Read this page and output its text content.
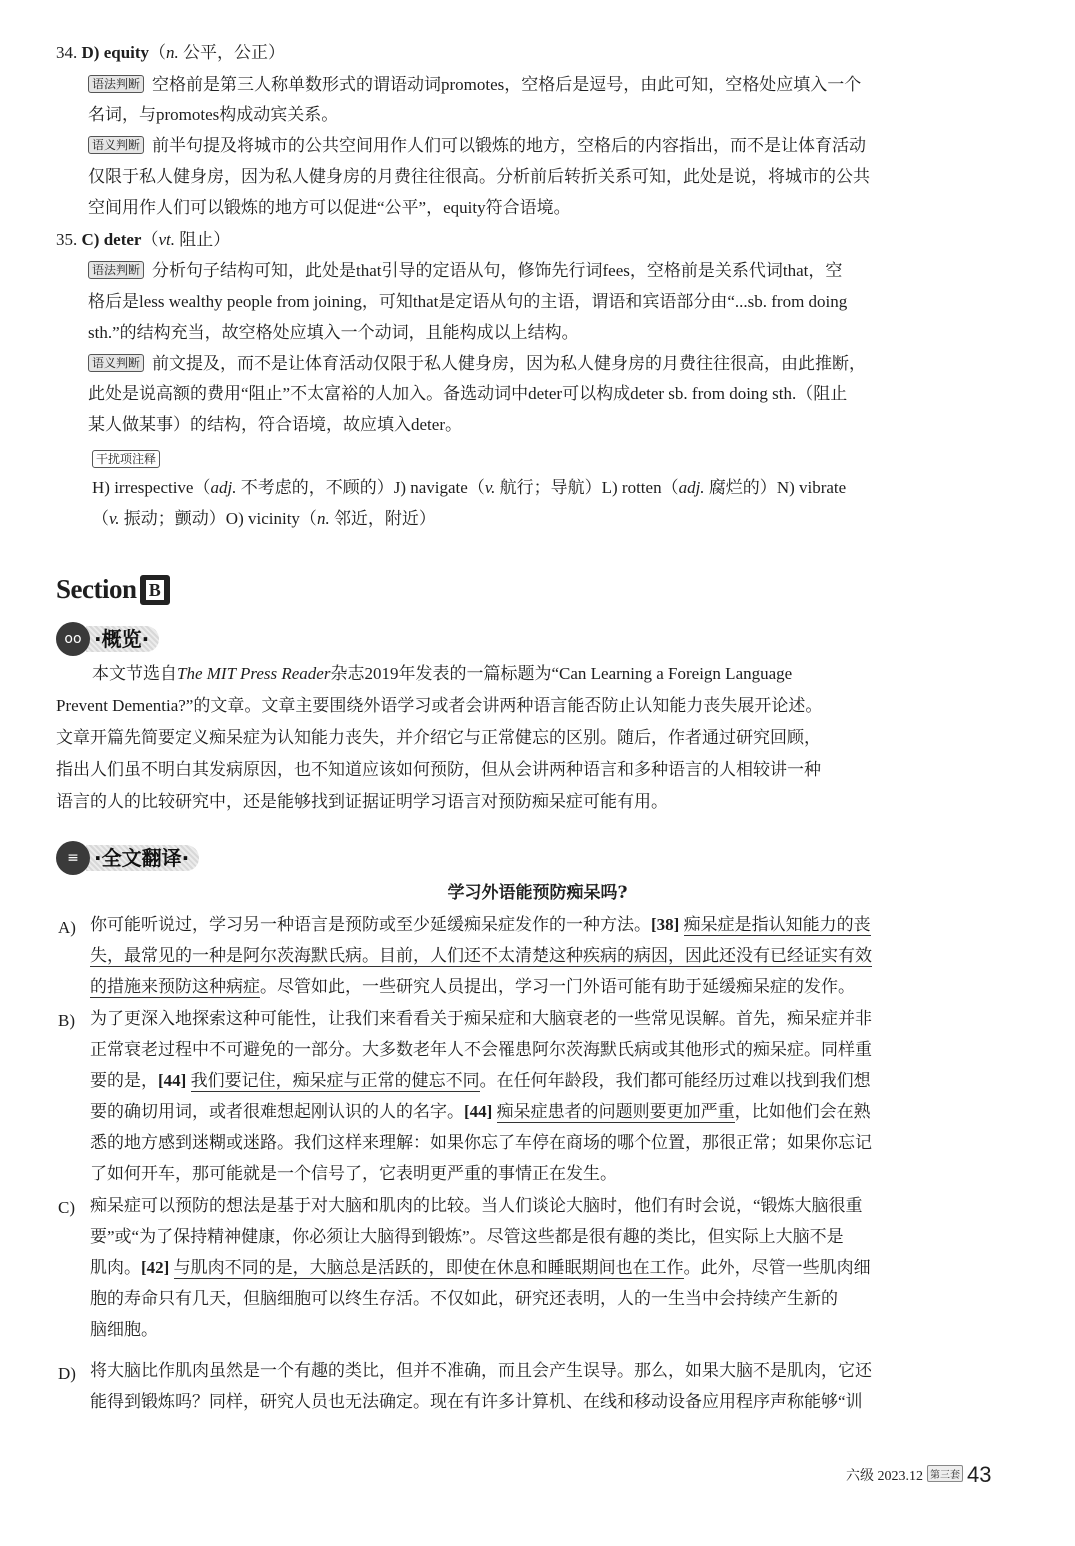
34. D) equity（n. 公平，公正）
语法判断 空格前是第三人称单数形式的谓语动词promotes，空格后是逗号，由此可知，空格处应填入一个
名词，与promotes构成动宾关系。
语义判断 前半句提及将城市的公共空间用作人们可以锻炼的地方，空格后的内容指出，而不是让体育活动
仅限于私人健身房，因为私人健身房的月费往往很高。分析前后转折关系可知，此处是说，将城市的公共
空间用作人们可以锻炼的地方可以促进“公平”，equity符合语境。
35. C) deter（vt. 阻止）
语法判断 分析句子结构可知，此处是that引导的定语从句，修饰先行词fees，空格前是关系代词that，空
格后是less wealthy people from joining，可知that是定语从句的主语，谓语和宾语部分由“...sb. from doing
sth.”的结构充当，故空格处应填入一个动词，且能构成以上结构。
语义判断 前文提及，而不是让体育活动仅限于私人健身房，因为私人健身房的月费往往很高，由此推断，
此处是说高额的费用“阻止”不太富裕的人加入。备选动词中deter可以构成deter sb. from doing sth.（阻止
某人做某事）的结构，符合语境，故应填入deter。
干扰项注释
H) irrespective（adj. 不考虑的，不顾的）J) navigate（v. 航行；导航）L) rotten（adj. 腐烂的）N) vibrate
（v. 振动；颤动）O) vicinity（n. 邻近，附近）
Section B
oo ·概览·
本文节选自The MIT Press Reader杂志2019年发表的一篇标题为“Can Learning a Foreign Language
Prevent Dementia?”的文章。文章主要围绕外语学习或者会讲两种语言能否防止认知能力丧失展开论述。
文章开篇先简要定义痴呆症为认知能力丧失，并介绍它与正常健忘的区别。随后，作者通过研究回顾，
指出人们虽不明白其发病原因，也不知道应该如何预防，但从会讲两种语言和多种语言的人相较讲一种
语言的人的比较研究中，还是能够找到证据证明学习语言对预防痴呆症可能有用。
≡ ·全文翻译·
学习外语能预防痴呆吗?
A) 你可能听说过，学习另一种语言是预防或至少延缓痴呆症发作的一种方法。[38] 痴呆症是指认知能力的丧
失，最常见的一种是阿尔茨海默氏病。目前，人们还不太清楚这种疾病的病因，因此还没有已经证实有效
的措施来预防这种病症。尽管如此，一些研究人员提出，学习一门外语可能有助于延缓痴呆症的发作。
B) 为了更深入地探索这种可能性，让我们来看看关于痴呆症和大脑衰老的一些常见误解。首先，痴呆症并非
正常衰老过程中不可避免的一部分。大多数老年人不会罹患阿尔茨海默氏病或其他形式的痴呆症。同样重
要的是，[44] 我们要记住，痴呆症与正常的健忘不同。在任何年龄段，我们都可能经历过难以找到我们想
要的确切用词，或者很难想起刚认识的人的名字。[44] 痴呆症患者的问题则要更加严重，比如他们会在熟
悉的地方感到迷糊或迷路。我们这样来理解：如果你忘了车停在商场的哪个位置，那很正常；如果你忘记
了如何开车，那可能就是一个信号了，它表明更严重的事情正在发生。
C) 痴呆症可以预防的想法是基于对大脑和肌肉的比较。当人们谈论大脑时，他们有时会说，“锻炼大脑很重
要”或“为了保持精神健康，你必须让大脑得到锻炼”。尽管这些都是很有趣的类比，但实际上大脑不是
肌肉。[42] 与肌肉不同的是，大脑总是活跃的，即使在休息和睡眠期间也在工作。此外，尽管一些肌肉细
胞的寿命只有几天，但脑细胞可以终生存活。不仅如此，研究还表明，人的一生当中会持续产生新的
脑细胞。
D) 将大脑比作肌肉虽然是一个有趣的类比，但并不准确，而且会产生误导。那么，如果大脑不是肌肉，它还
能得到锻炼吗？同样，研究人员也无法确定。现在有许多计算机、在线和移动设备应用程序声称能够“训
六级 2023.12 第三套 43
